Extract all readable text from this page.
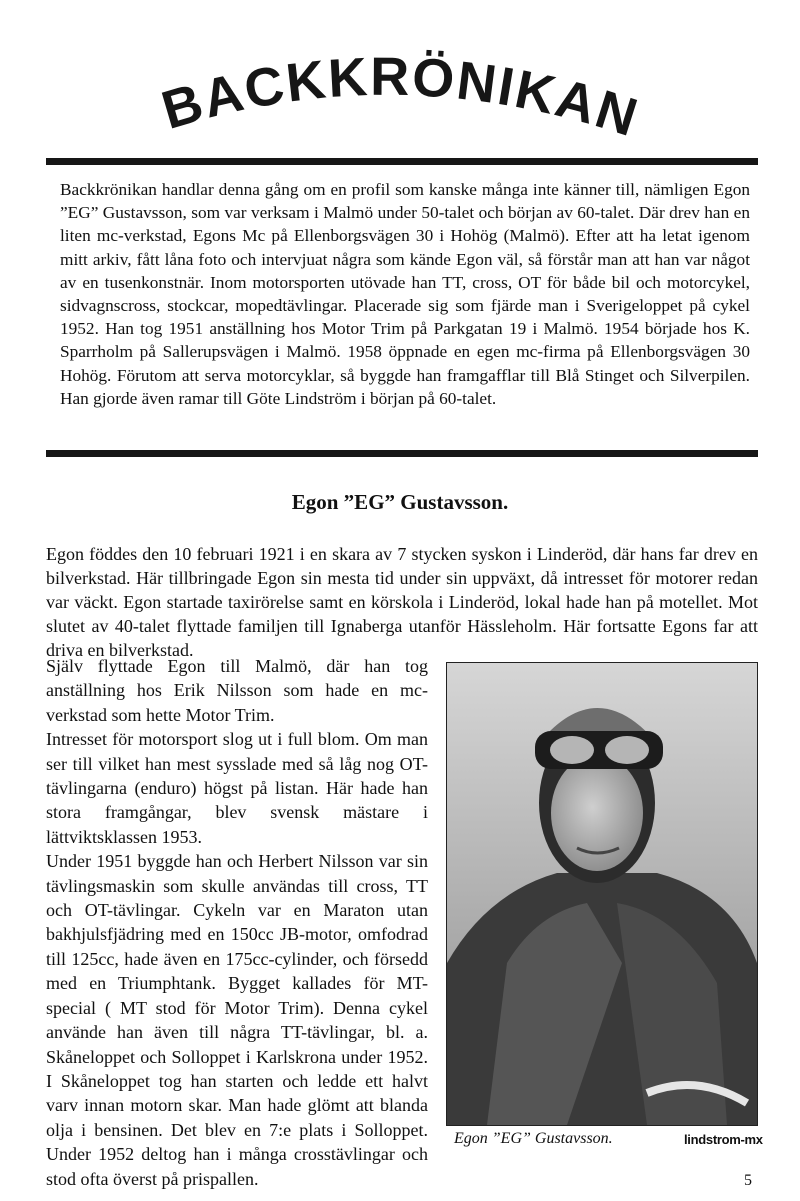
BACKKRÖNIKAN

Backkrönikan handlar denna gång om en profil som kanske många inte känner till, nämligen Egon ”EG” Gustavsson, som var verksam i Malmö under 50-talet och början av 60-talet. Där drev han en liten mc-verkstad, Egons Mc på Ellenborgsvägen 30 i Hohög (Malmö). Efter att ha letat igenom mitt arkiv, fått låna foto och intervjuat några som kände Egon väl, så förstår man att han var något av en tusenkonstnär. Inom motorsporten utövade han TT, cross, OT för både bil och motorcykel, sidvagnscross, stockcar, mopedtävlingar. Placerade sig som fjärde man i Sverigeloppet på cykel 1952. Han tog 1951 anställning hos Motor Trim på Parkgatan 19 i Malmö. 1954 började hos K. Sparrholm på Sallerupsvägen i Malmö. 1958 öppnade en egen mc-firma på Ellenborgsvägen 30 Hohög. Förutom att serva motorcyklar, så byggde han framgafflar till Blå Stinget och Silverpilen. Han gjorde även ramar till Göte Lindström i början på 60-talet.

Egon ”EG” Gustavsson.

Egon föddes den 10 februari 1921 i en skara av 7 stycken syskon i Linderöd, där hans far drev en bilverkstad. Här tillbringade Egon sin mesta tid under sin uppväxt, då intresset för motorer redan var väckt. Egon startade taxirörelse samt en körskola i Linderöd, lokal hade han på motellet. Mot slutet av 40-talet flyttade familjen till Ignaberga utanför Hässleholm. Här fortsatte Egons far att driva en bilverkstad.

Själv flyttade Egon till Malmö, där han tog anställning hos Erik Nilsson som hade en mc-verkstad som hette Motor Trim.

Intresset för motorsport slog ut i full blom. Om man ser till vilket han mest sysslade med så låg nog OT-tävlingarna (enduro) högst på listan. Här hade han stora framgångar, blev svensk mästare i lättviktsklassen 1953.

Under 1951 byggde han och Herbert Nilsson var sin tävlingsmaskin som skulle användas till cross, TT och OT-tävlingar. Cykeln var en Maraton utan bakhjulsfjädring med en 150cc JB-motor, omfodrad till 125cc, hade även en 175cc-cylinder, och försedd med en Triumphtank. Bygget kallades för MT-special ( MT stod för Motor Trim). Denna cykel använde han även till några TT-tävlingar, bl. a. Skåneloppet och Solloppet i Karlskrona under 1952. I Skåneloppet tog han starten och ledde ett halvt varv innan motorn skar. Man hade glömt att blanda olja i bensinen. Det blev en 7:e plats i Solloppet. Under 1952 deltog han i många crosstävlingar och stod ofta överst på prispallen.

Egon ”EG” Gustavsson.	lindstrom-mx

5
